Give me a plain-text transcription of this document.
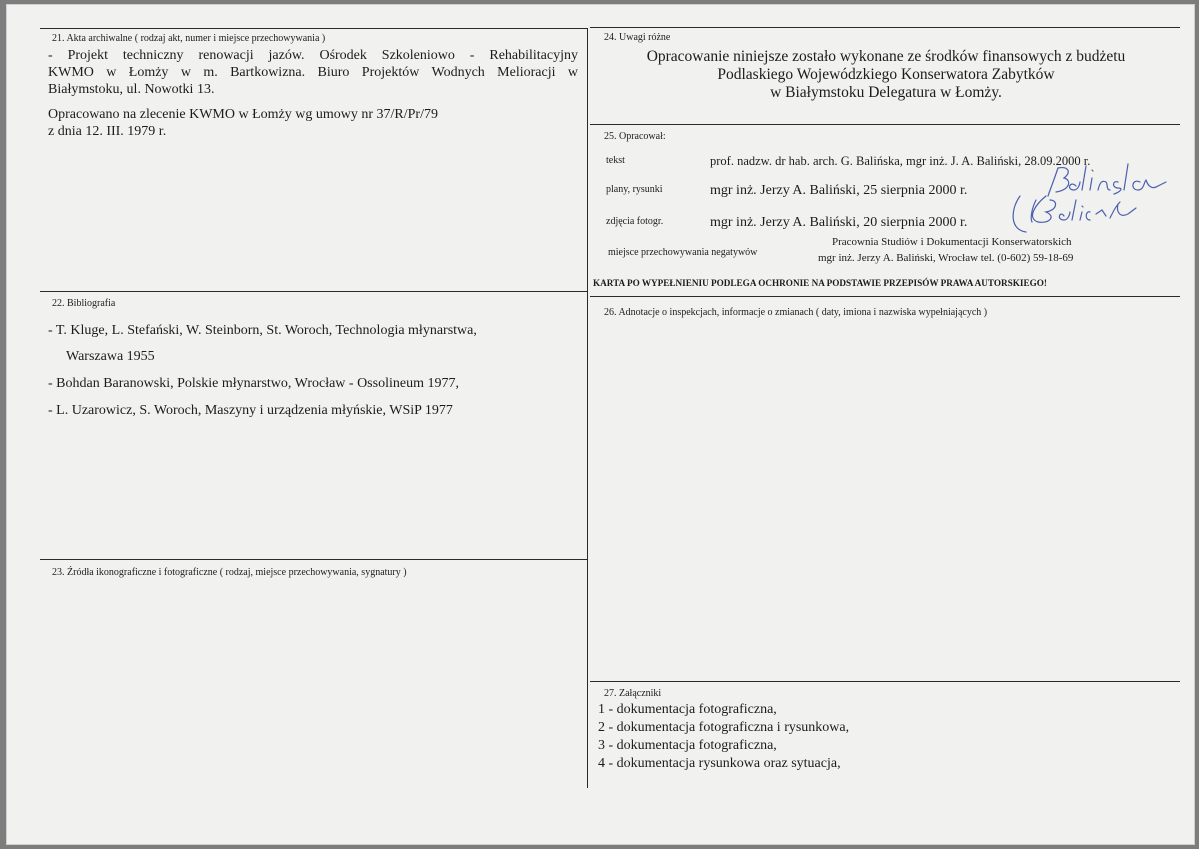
21. Akta archiwalne ( rodzaj akt, numer i miejsce przechowywania )
- Projekt techniczny renowacji jazów. Ośrodek Szkoleniowo - Rehabilitacyjny
KWMO w Łomży w m. Bartkowizna. Biuro Projektów Wodnych Melioracji w
Białymstoku, ul. Nowotki 13.
Opracowano na zlecenie KWMO w Łomży wg umowy nr 37/R/Pr/79
z dnia 12. III. 1979 r.
22. Bibliografia
- T. Kluge, L. Stefański, W. Steinborn, St. Woroch, Technologia młynarstwa,
Warszawa 1955
- Bohdan Baranowski, Polskie młynarstwo, Wrocław - Ossolineum 1977,
- L. Uzarowicz, S. Woroch, Maszyny i urządzenia młyńskie, WSiP 1977
23. Źródła ikonograficzne i fotograficzne ( rodzaj, miejsce przechowywania, sygnatury )
24. Uwagi różne
Opracowanie niniejsze zostało wykonane ze środków finansowych z budżetu
Podlaskiego Wojewódzkiego Konserwatora Zabytków
w Białymstoku Delegatura w Łomży.
25. Opracował:
tekst	prof. nadzw. dr hab. arch. G. Balińska, mgr inż. J. A. Baliński, 28.09.2000 r.
plany, rysunki	mgr inż. Jerzy A. Baliński, 25 sierpnia 2000 r.
zdjęcia fotogr.	mgr inż. Jerzy A. Baliński, 20 sierpnia 2000 r.
miejsce przechowywania negatywów
Pracownia Studiów i Dokumentacji Konserwatorskich
mgr inż. Jerzy A. Baliński, Wrocław tel. (0-602) 59-18-69
KARTA PO WYPEŁNIENIU PODLEGA OCHRONIE NA PODSTAWIE PRZEPISÓW PRAWA AUTORSKIEGO!
26. Adnotacje o inspekcjach, informacje o zmianach ( daty, imiona i nazwiska wypełniających )
27. Załączniki
1 - dokumentacja fotograficzna,
2 - dokumentacja fotograficzna i rysunkowa,
3 - dokumentacja fotograficzna,
4 - dokumentacja rysunkowa oraz sytuacja,
